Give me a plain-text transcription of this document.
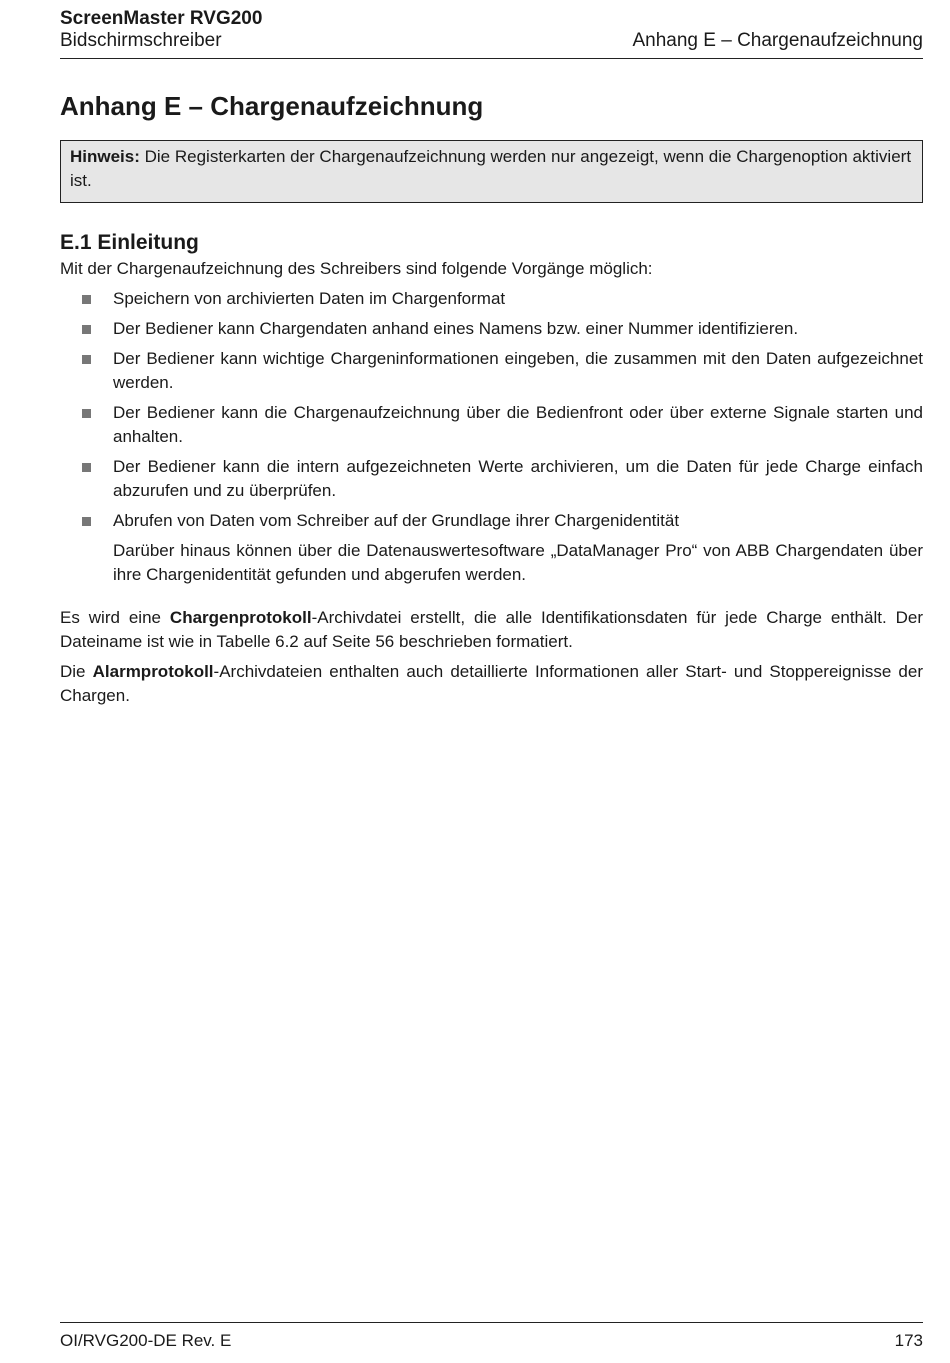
ScreenMaster RVG200
Bidschirmschreiber	Anhang E – Chargenaufzeichnung
Anhang E – Chargenaufzeichnung
Hinweis: Die Registerkarten der Chargenaufzeichnung werden nur angezeigt, wenn die Chargenoption aktiviert ist.
E.1 Einleitung
Mit der Chargenaufzeichnung des Schreibers sind folgende Vorgänge möglich:
Speichern von archivierten Daten im Chargenformat
Der Bediener kann Chargendaten anhand eines Namens bzw. einer Nummer identifizieren.
Der Bediener kann wichtige Chargeninformationen eingeben, die zusammen mit den Daten aufgezeichnet werden.
Der Bediener kann die Chargenaufzeichnung über die Bedienfront oder über externe Signale starten und anhalten.
Der Bediener kann die intern aufgezeichneten Werte archivieren, um die Daten für jede Charge einfach abzurufen und zu überprüfen.
Abrufen von Daten vom Schreiber auf der Grundlage ihrer Chargenidentität
Darüber hinaus können über die Datenauswertesoftware „DataManager Pro“ von ABB Chargendaten über ihre Chargenidentität gefunden und abgerufen werden.

Es wird eine Chargenprotokoll-Archivdatei erstellt, die alle Identifikationsdaten für jede Charge enthält. Der Dateiname ist wie in Tabelle 6.2 auf Seite 56 beschrieben formatiert.

Die Alarmprotokoll-Archivdateien enthalten auch detaillierte Informationen aller Start- und Stoppereignisse der Chargen.

OI/RVG200-DE Rev. E	173
